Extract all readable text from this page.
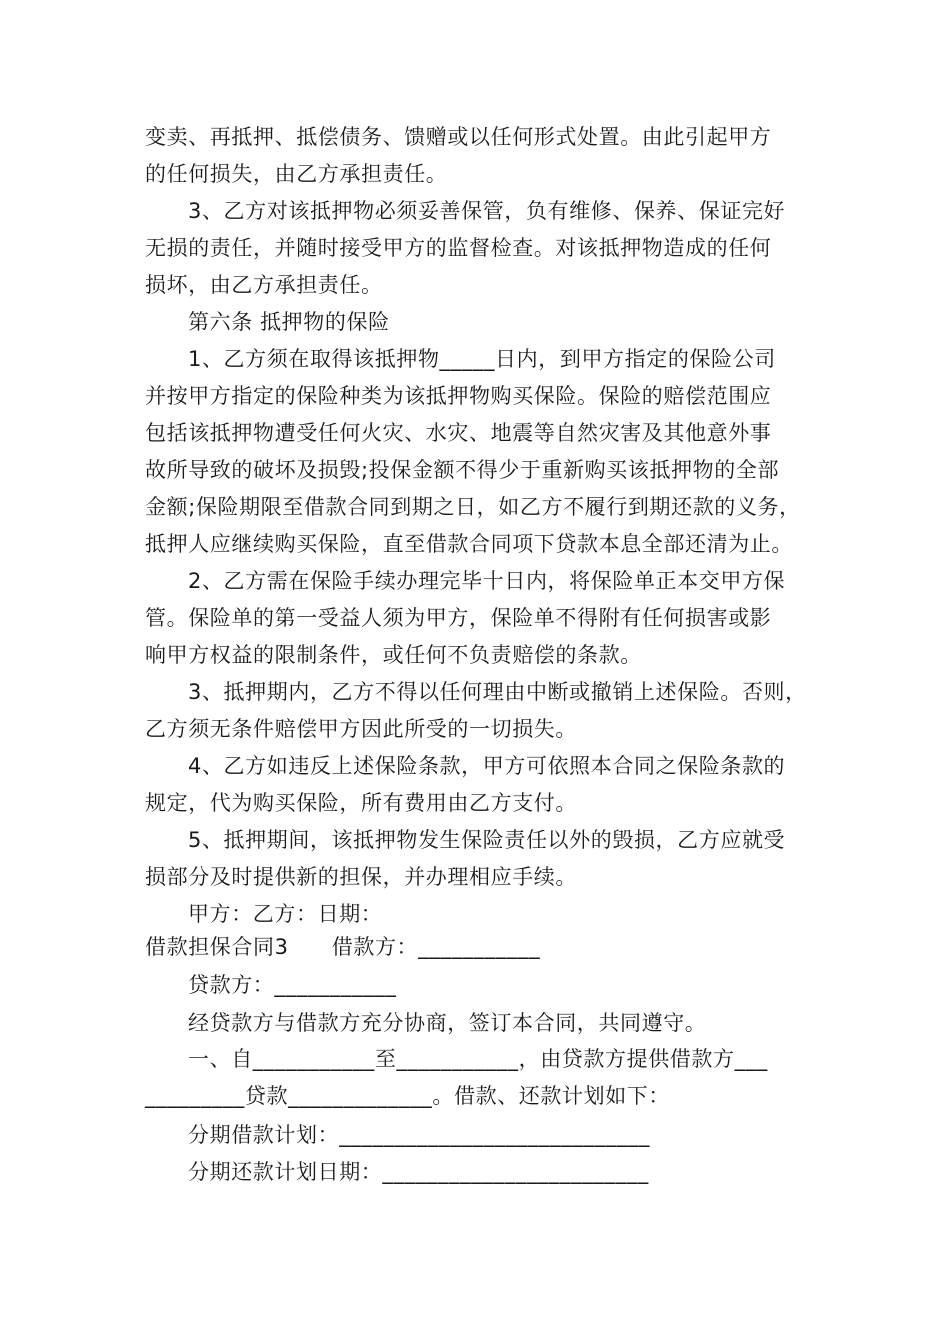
变卖、再抵押、抵偿债务、馈赠或以任何形式处置。由此引起甲方
的任何损失，由乙方承担责任。
3、乙方对该抵押物必须妥善保管，负有维修、保养、保证完好
无损的责任，并随时接受甲方的监督检查。对该抵押物造成的任何
损坏，由乙方承担责任。
第六条 抵押物的保险
1、乙方须在取得该抵押物_____日内，到甲方指定的保险公司
并按甲方指定的保险种类为该抵押物购买保险。保险的赔偿范围应
包括该抵押物遭受任何火灾、水灾、地震等自然灾害及其他意外事
故所导致的破坏及损毁;投保金额不得少于重新购买该抵押物的全部
金额;保险期限至借款合同到期之日，如乙方不履行到期还款的义务，
抵押人应继续购买保险，直至借款合同项下贷款本息全部还清为止。
2、乙方需在保险手续办理完毕十日内，将保险单正本交甲方保
管。保险单的第一受益人须为甲方，保险单不得附有任何损害或影
响甲方权益的限制条件，或任何不负责赔偿的条款。
3、抵押期内，乙方不得以任何理由中断或撤销上述保险。否则，
乙方须无条件赔偿甲方因此所受的一切损失。
4、乙方如违反上述保险条款，甲方可依照本合同之保险条款的
规定，代为购买保险，所有费用由乙方支付。
5、抵押期间，该抵押物发生保险责任以外的毁损，乙方应就受
损部分及时提供新的担保，并办理相应手续。
甲方：乙方：日期：
借款担保合同3　　借款方：___________
贷款方：___________
经贷款方与借款方充分协商，签订本合同，共同遵守。
一、自___________至___________，由贷款方提供借款方___
_________贷款_____________。借款、还款计划如下：
分期借款计划：____________________________
分期还款计划日期：________________________
